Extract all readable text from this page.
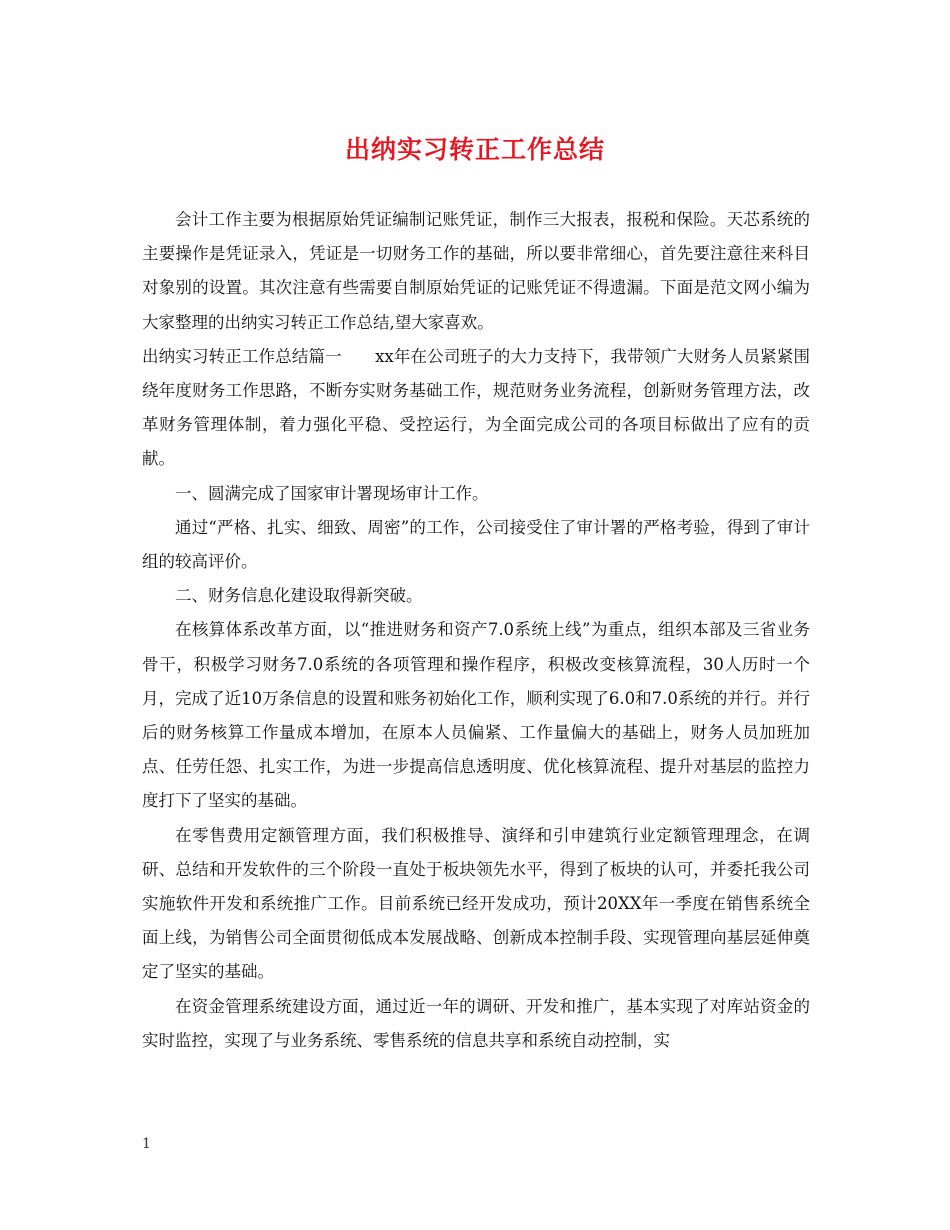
出纳实习转正工作总结

会计工作主要为根据原始凭证编制记账凭证，制作三大报表，报税和保险。天芯系统的主要操作是凭证录入，凭证是一切财务工作的基础，所以要非常细心，首先要注意往来科目对象别的设置。其次注意有些需要自制原始凭证的记账凭证不得遗漏。下面是范文网小编为大家整理的出纳实习转正工作总结,望大家喜欢。

出纳实习转正工作总结篇一　　xx年在公司班子的大力支持下，我带领广大财务人员紧紧围绕年度财务工作思路，不断夯实财务基础工作，规范财务业务流程，创新财务管理方法，改革财务管理体制，着力强化平稳、受控运行，为全面完成公司的各项目标做出了应有的贡献。

一、圆满完成了国家审计署现场审计工作。

通过“严格、扎实、细致、周密”的工作，公司接受住了审计署的严格考验，得到了审计组的较高评价。

二、财务信息化建设取得新突破。

在核算体系改革方面，以“推进财务和资产7.0系统上线”为重点，组织本部及三省业务骨干，积极学习财务7.0系统的各项管理和操作程序，积极改变核算流程，30人历时一个月，完成了近10万条信息的设置和账务初始化工作，顺利实现了6.0和7.0系统的并行。并行后的财务核算工作量成本增加，在原本人员偏紧、工作量偏大的基础上，财务人员加班加点、任劳任怨、扎实工作，为进一步提高信息透明度、优化核算流程、提升对基层的监控力度打下了坚实的基础。

在零售费用定额管理方面，我们积极推导、演绎和引申建筑行业定额管理理念，在调研、总结和开发软件的三个阶段一直处于板块领先水平，得到了板块的认可，并委托我公司实施软件开发和系统推广工作。目前系统已经开发成功，预计20XX年一季度在销售系统全面上线，为销售公司全面贯彻低成本发展战略、创新成本控制手段、实现管理向基层延伸奠定了坚实的基础。

在资金管理系统建设方面，通过近一年的调研、开发和推广，基本实现了对库站资金的实时监控，实现了与业务系统、零售系统的信息共享和系统自动控制，实

1
